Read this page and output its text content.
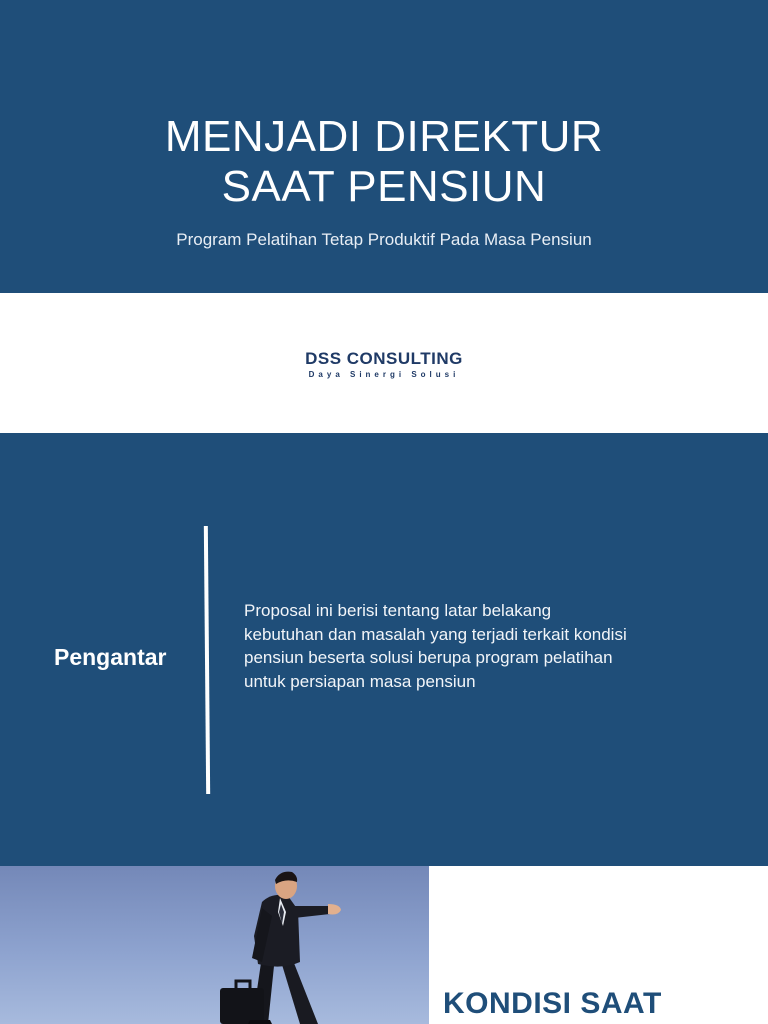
MENJADI DIREKTUR
SAAT PENSIUN

Program Pelatihan Tetap Produktif Pada Masa Pensiun

DSS CONSULTING
Daya Sinergi Solusi
Pengantar

Proposal ini berisi tentang latar belakang kebutuhan dan masalah yang terjadi terkait kondisi pensiun beserta solusi berupa program pelatihan untuk persiapan masa pensiun

KONDISI SAAT
